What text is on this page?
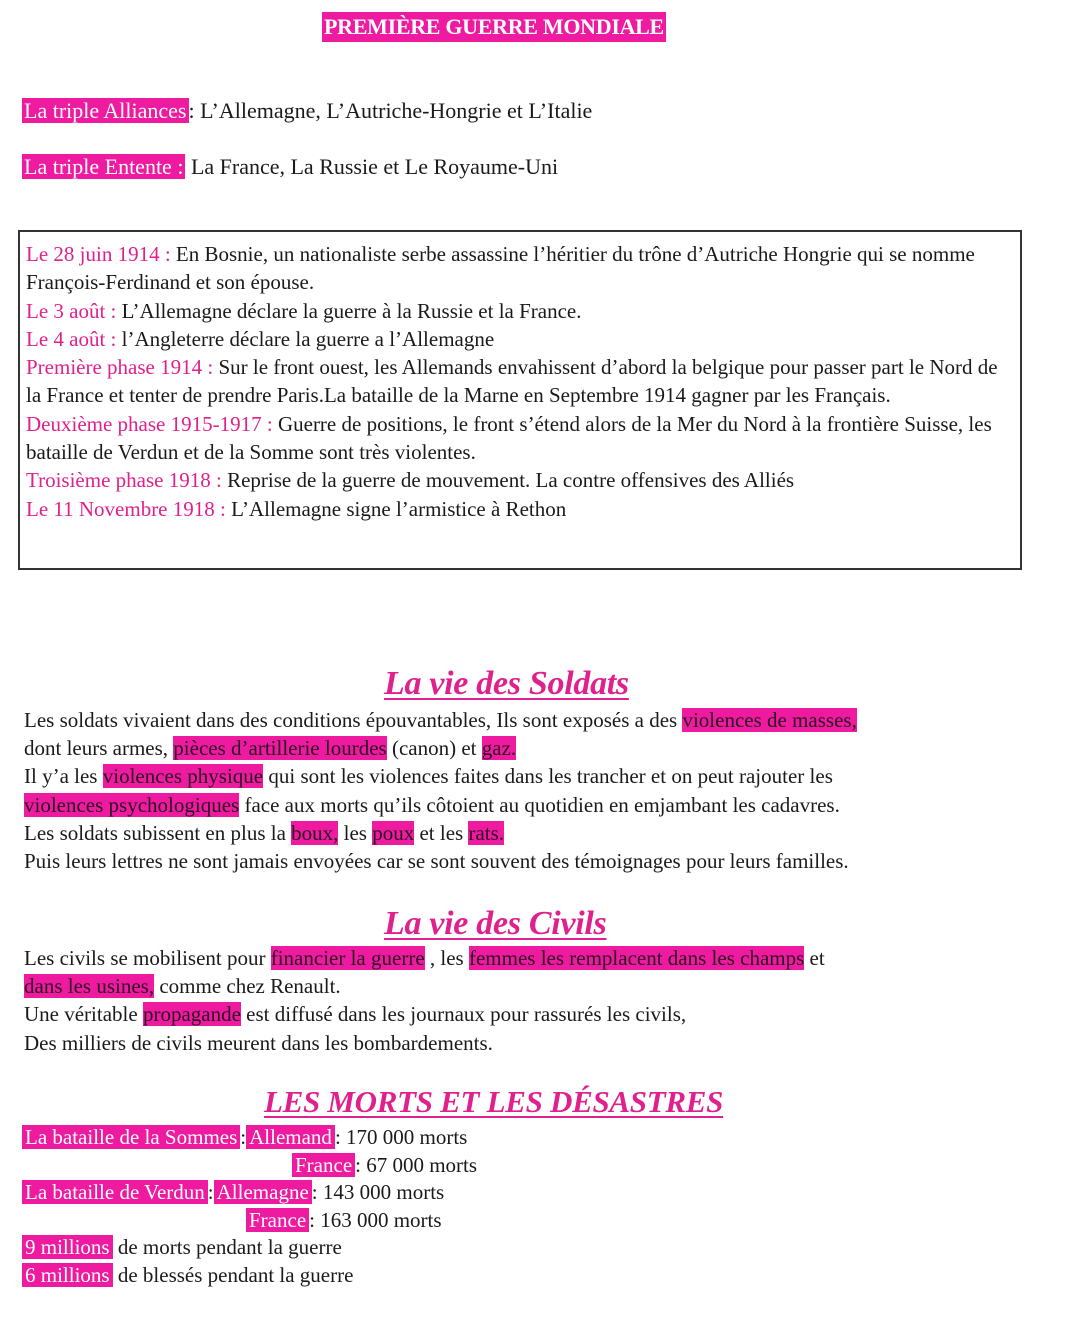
PREMIÈRE GUERRE MONDIALE
La triple Alliances: L’Allemagne, L’Autriche-Hongrie et L’Italie
La triple Entente : La France, La Russie et Le Royaume-Uni

Le 28 juin 1914 : En Bosnie, un nationaliste serbe assassine l’héritier du trône d’Autriche Hongrie qui se nomme François-Ferdinand et son épouse.

Le 3 août : L’Allemagne déclare la guerre à la Russie et la France.

Le 4 août : l’Angleterre déclare la guerre a l’Allemagne

Première phase 1914 : Sur le front ouest, les Allemands envahissent d’abord la belgique pour passer part le Nord de la France et tenter de prendre Paris.La bataille de la Marne en Septembre 1914 gagner par les Français.

Deuxième phase 1915-1917 : Guerre de positions, le front s’étend alors de la Mer du Nord à la frontière Suisse, les bataille de Verdun et de la Somme sont très violentes.

Troisième phase 1918 : Reprise de la guerre de mouvement. La contre offensives des Alliés

Le 11 Novembre 1918 : L’Allemagne signe l’armistice à Rethon

La vie des Soldats

Les soldats vivaient dans des conditions épouvantables, Ils sont exposés a des violences de masses,

dont leurs armes, pièces d’artillerie lourdes (canon) et gaz.

Il y’a les violences physique qui sont les violences faites dans les trancher et on peut rajouter les

violences psychologiques face aux morts qu’ils côtoient au quotidien en emjambant les cadavres.

Les soldats subissent en plus la boux, les poux et les rats.

Puis leurs lettres ne sont jamais envoyées car se sont souvent des témoignages pour leurs familles.

La vie des Civils

Les civils se mobilisent pour financier la guerre , les femmes les remplacent dans les champs et

dans les usines, comme chez Renault.

Une véritable propagande est diffusé dans les journaux pour rassurés les civils,

Des milliers de civils meurent dans les bombardements.

LES MORTS ET LES DÉSASTRES
La bataille de la Sommes : Allemand : 170 000 morts
France : 67 000 morts
La bataille de Verdun : Allemagne : 143 000 morts
France : 163 000 morts
9 millions de morts pendant la guerre
6 millions de blessés pendant la guerre
